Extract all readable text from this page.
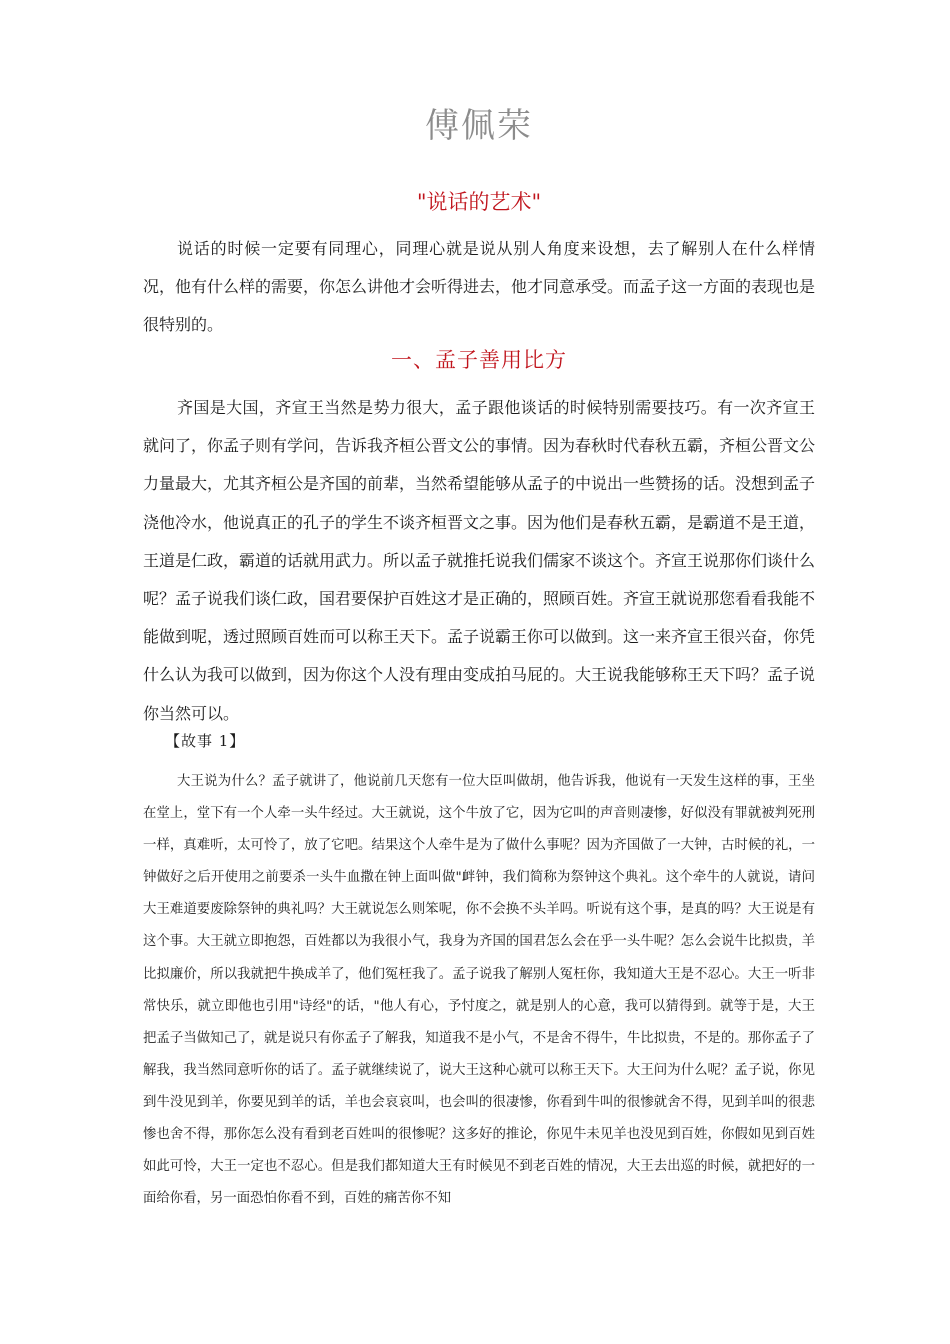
傅佩荣
"说话的艺术"

说话的时候一定要有同理心，同理心就是说从别人角度来设想，去了解别人在什么样情况，他有什么样的需要，你怎么讲他才会听得进去，他才同意承受。而孟子这一方面的表现也是很特别的。

一、孟子善用比方

齐国是大国，齐宣王当然是势力很大，孟子跟他谈话的时候特别需要技巧。有一次齐宣王就问了，你孟子则有学问，告诉我齐桓公晋文公的事情。因为春秋时代春秋五霸，齐桓公晋文公力量最大，尤其齐桓公是齐国的前辈，当然希望能够从孟子的中说出一些赞扬的话。没想到孟子浇他冷水，他说真正的孔子的学生不谈齐桓晋文之事。因为他们是春秋五霸，是霸道不是王道，王道是仁政，霸道的话就用武力。所以孟子就推托说我们儒家不谈这个。齐宣王说那你们谈什么呢？孟子说我们谈仁政，国君要保护百姓这才是正确的，照顾百姓。齐宣王就说那您看看我能不能做到呢，透过照顾百姓而可以称王天下。孟子说霸王你可以做到。这一来齐宣王很兴奋，你凭什么认为我可以做到，因为你这个人没有理由变成拍马屁的。大王说我能够称王天下吗？孟子说你当然可以。

【故事 1】

大王说为什么？孟子就讲了，他说前几天您有一位大臣叫做胡，他告诉我，他说有一天发生这样的事，王坐在堂上，堂下有一个人牵一头牛经过。大王就说，这个牛放了它，因为它叫的声音则凄惨，好似没有罪就被判死刑一样，真难听，太可怜了，放了它吧。结果这个人牵牛是为了做什么事呢？因为齐国做了一大钟，古时候的礼，一钟做好之后开使用之前要杀一头牛血撒在钟上面叫做"衅钟，我们简称为祭钟这个典礼。这个牵牛的人就说，请问大王难道要废除祭钟的典礼吗？大王就说怎么则笨呢，你不会换不头羊吗。听说有这个事，是真的吗？大王说是有这个事。大王就立即抱怨，百姓都以为我很小气，我身为齐国的国君怎么会在乎一头牛呢？怎么会说牛比拟贵，羊比拟廉价，所以我就把牛换成羊了，他们冤枉我了。孟子说我了解别人冤枉你，我知道大王是不忍心。大王一听非常快乐，就立即他也引用"诗经"的话，"他人有心，予忖度之，就是别人的心意，我可以猜得到。就等于是，大王把孟子当做知己了，就是说只有你孟子了解我，知道我不是小气，不是舍不得牛，牛比拟贵，不是的。那你孟子了解我，我当然同意听你的话了。孟子就继续说了，说大王这种心就可以称王天下。大王问为什么呢？孟子说，你见到牛没见到羊，你要见到羊的话，羊也会哀哀叫，也会叫的很凄惨，你看到牛叫的很惨就舍不得，见到羊叫的很悲惨也舍不得，那你怎么没有看到老百姓叫的很惨呢？这多好的推论，你见牛未见羊也没见到百姓，你假如见到百姓如此可怜，大王一定也不忍心。但是我们都知道大王有时候见不到老百姓的情况，大王去出巡的时候，就把好的一面给你看，另一面恐怕你看不到，百姓的痛苦你不知
